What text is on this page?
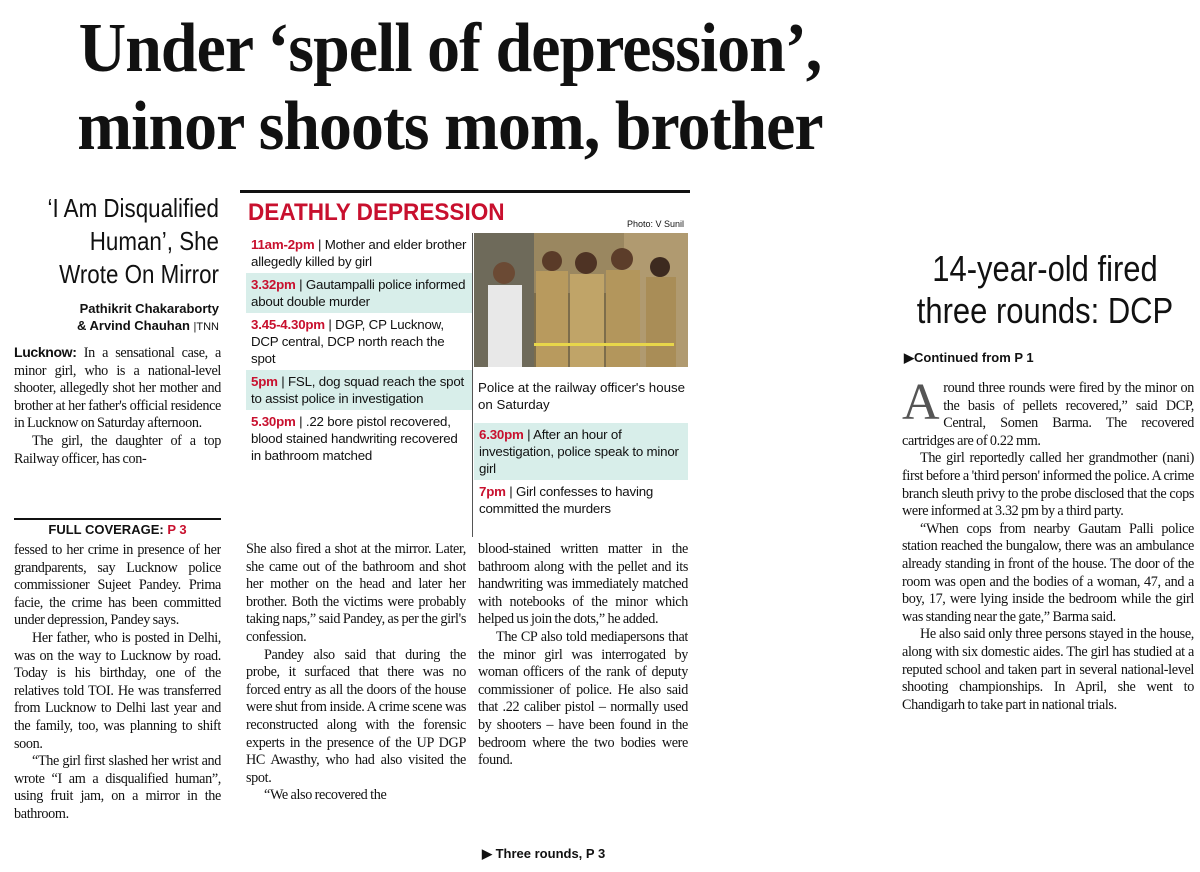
Under ‘spell of depression’,
minor shoots mom, brother
‘I Am Disqualified
Human’, She
Wrote On Mirror
Pathikrit Chakaraborty
& Arvind Chauhan |TNN

Lucknow: In a sensational case, a minor girl, who is a national-level shooter, allegedly shot her mother and brother at her father's official residence in Lucknow on Saturday afternoon.

The girl, the daughter of a top Railway officer, has con-

FULL COVERAGE: P 3

fessed to her crime in presence of her grandparents, say Lucknow police commissioner Sujeet Pandey. Prima facie, the crime has been committed under depression, Pandey says.

Her father, who is posted in Delhi, was on the way to Lucknow by road. Today is his birthday, one of the relatives told TOI. He was transferred from Lucknow to Delhi last year and the family, too, was planning to shift soon.

“The girl first slashed her wrist and wrote “I am a disqualified human”, using fruit jam, on a mirror in the bathroom.

DEATHLY DEPRESSION	Photo: V Sunil
11am-2pm | Mother and elder brother allegedly killed by girl
3.32pm | Gautampalli police informed about double murder
3.45-4.30pm | DGP, CP Lucknow, DCP central, DCP north reach the spot
5pm | FSL, dog squad reach the spot to assist police in investigation
5.30pm | .22 bore pistol recovered, blood stained handwriting recovered in bathroom matched
Police at the railway officer's house on Saturday
6.30pm | After an hour of investigation, police speak to minor girl
7pm | Girl confesses to having committed the murders

She also fired a shot at the mirror. Later, she came out of the bathroom and shot her mother on the head and later her brother. Both the victims were probably taking naps,” said Pandey, as per the girl's confession.

Pandey also said that during the probe, it surfaced that there was no forced entry as all the doors of the house were shut from inside. A crime scene was reconstructed along with the forensic experts in the presence of the UP DGP HC Awasthy, who had also visited the spot.

“We also recovered the

blood-stained written matter in the bathroom along with the pellet and its handwriting was immediately matched with notebooks of the minor which helped us join the dots,” he added.

The CP also told mediapersons that the minor girl was interrogated by woman officers of the rank of deputy commissioner of police. He also said that .22 caliber pistol – normally used by shooters – have been found in the bedroom where the two bodies were found.

▶ Three rounds, P 3
14-year-old fired
three rounds: DCP
▶Continued from P 1

Around three rounds were fired by the minor on the basis of pellets recovered,” said DCP, Central, Somen Barma. The recovered cartridges are of 0.22 mm.

The girl reportedly called her grandmother (nani) first before a 'third person' informed the police. A crime branch sleuth privy to the probe disclosed that the cops were informed at 3.32 pm by a third party.

“When cops from nearby Gautam Palli police station reached the bungalow, there was an ambulance already standing in front of the house. The door of the room was open and the bodies of a woman, 47, and a boy, 17, were lying inside the bedroom while the girl was standing near the gate,” Barma said.

He also said only three persons stayed in the house, along with six domestic aides. The girl has studied at a reputed school and taken part in several national-level shooting championships. In April, she went to Chandigarh to take part in national trials.
